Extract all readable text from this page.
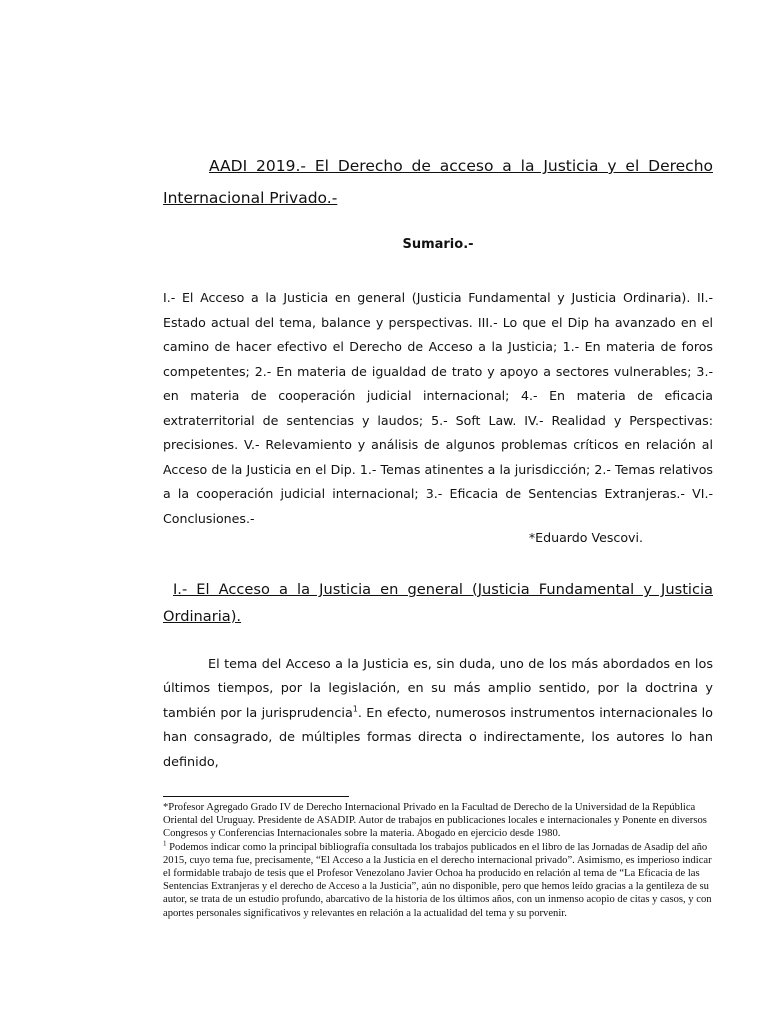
AADI 2019.- El Derecho de acceso a la Justicia y el Derecho Internacional Privado.-
Sumario.-

I.- El Acceso a la Justicia en general (Justicia Fundamental y Justicia Ordinaria). II.- Estado actual del tema, balance y perspectivas. III.- Lo que el Dip ha avanzado en el camino de hacer efectivo el Derecho de Acceso a la Justicia; 1.- En materia de foros competentes; 2.- En materia de igualdad de trato y apoyo a sectores vulnerables; 3.- en materia de cooperación judicial internacional; 4.- En materia de eficacia extraterritorial de sentencias y laudos; 5.- Soft Law. IV.- Realidad y Perspectivas: precisiones. V.- Relevamiento y análisis de algunos problemas críticos en relación al Acceso de la Justicia en el Dip. 1.- Temas atinentes a la jurisdicción; 2.- Temas relativos a la cooperación judicial internacional; 3.- Eficacia de Sentencias Extranjeras.- VI.- Conclusiones.-

*Eduardo Vescovi.

I.- El Acceso a la Justicia en general (Justicia Fundamental y Justicia Ordinaria).

El tema del Acceso a la Justicia es, sin duda, uno de los más abordados en los últimos tiempos, por la legislación, en su más amplio sentido, por la doctrina y también por la jurisprudencia$^1$. En efecto, numerosos instrumentos internacionales lo han consagrado, de múltiples formas directa o indirectamente, los autores lo han definido,

*Profesor Agregado Grado IV de Derecho Internacional Privado en la Facultad de Derecho de la Universidad de la República Oriental del Uruguay. Presidente de ASADIP. Autor de trabajos en publicaciones locales e internacionales y Ponente en diversos Congresos y Conferencias Internacionales sobre la materia. Abogado en ejercicio desde 1980.

$^1$ Podemos indicar como la principal bibliografía consultada los trabajos publicados en el libro de las Jornadas de Asadip del año 2015, cuyo tema fue, precisamente, “El Acceso a la Justicia en el derecho internacional privado”. Asimismo, es imperioso indicar el formidable trabajo de tesis que el Profesor Venezolano Javier Ochoa ha producido en relación al tema de “La Eficacia de las Sentencias Extranjeras y el derecho de Acceso a la Justicia”, aún no disponible, pero que hemos leído gracias a la gentileza de su autor, se trata de un estudio profundo, abarcativo de la historia de los últimos años, con un inmenso acopio de citas y casos, y con aportes personales significativos y relevantes en relación a la actualidad del tema y su porvenir.
